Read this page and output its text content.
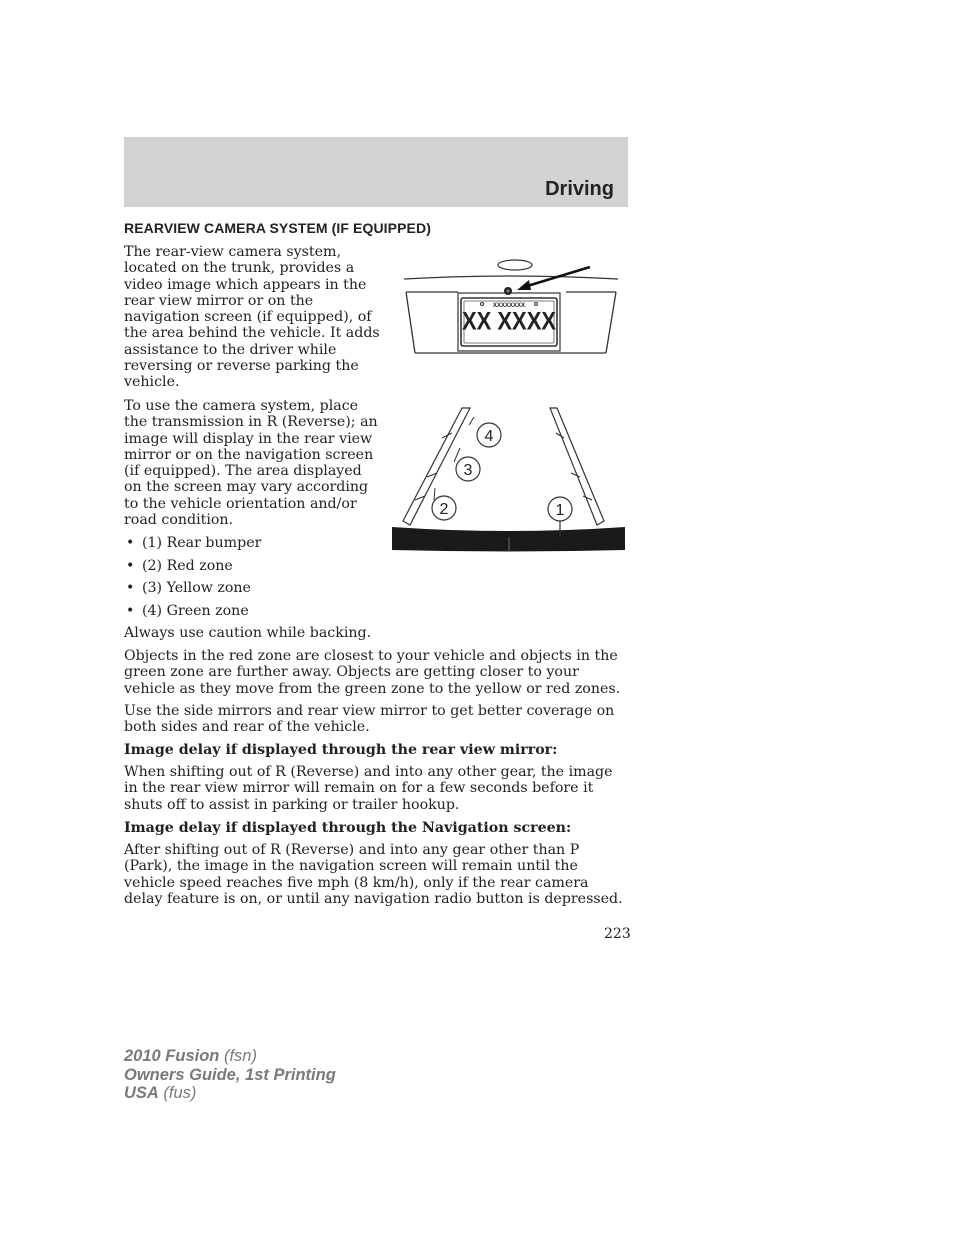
Driving
REARVIEW CAMERA SYSTEM (IF EQUIPPED)

The rear-view camera system, located on the trunk, provides a video image which appears in the rear view mirror or on the navigation screen (if equipped), of the area behind the vehicle. It adds assistance to the driver while reversing or reverse parking the vehicle.

To use the camera system, place the transmission in R (Reverse); an image will display in the rear view mirror or on the navigation screen (if equipped). The area displayed on the screen may vary according to the vehicle orientation and/or road condition.

• (1) Rear bumper
• (2) Red zone
• (3) Yellow zone
• (4) Green zone

Always use caution while backing.

Objects in the red zone are closest to your vehicle and objects in the green zone are further away. Objects are getting closer to your vehicle as they move from the green zone to the yellow or red zones.

Use the side mirrors and rear view mirror to get better coverage on both sides and rear of the vehicle.

Image delay if displayed through the rear view mirror:

When shifting out of R (Reverse) and into any other gear, the image in the rear view mirror will remain on for a few seconds before it shuts off to assist in parking or trailer hookup.

Image delay if displayed through the Navigation screen:

After shifting out of R (Reverse) and into any gear other than P (Park), the image in the navigation screen will remain until the vehicle speed reaches five mph (8 km/h), only if the rear camera delay feature is on, or until any navigation radio button is depressed.

XXXXXXXX
XX XXXX
4
3
2	1
223
2010 Fusion (fsn)
Owners Guide, 1st Printing
USA (fus)
